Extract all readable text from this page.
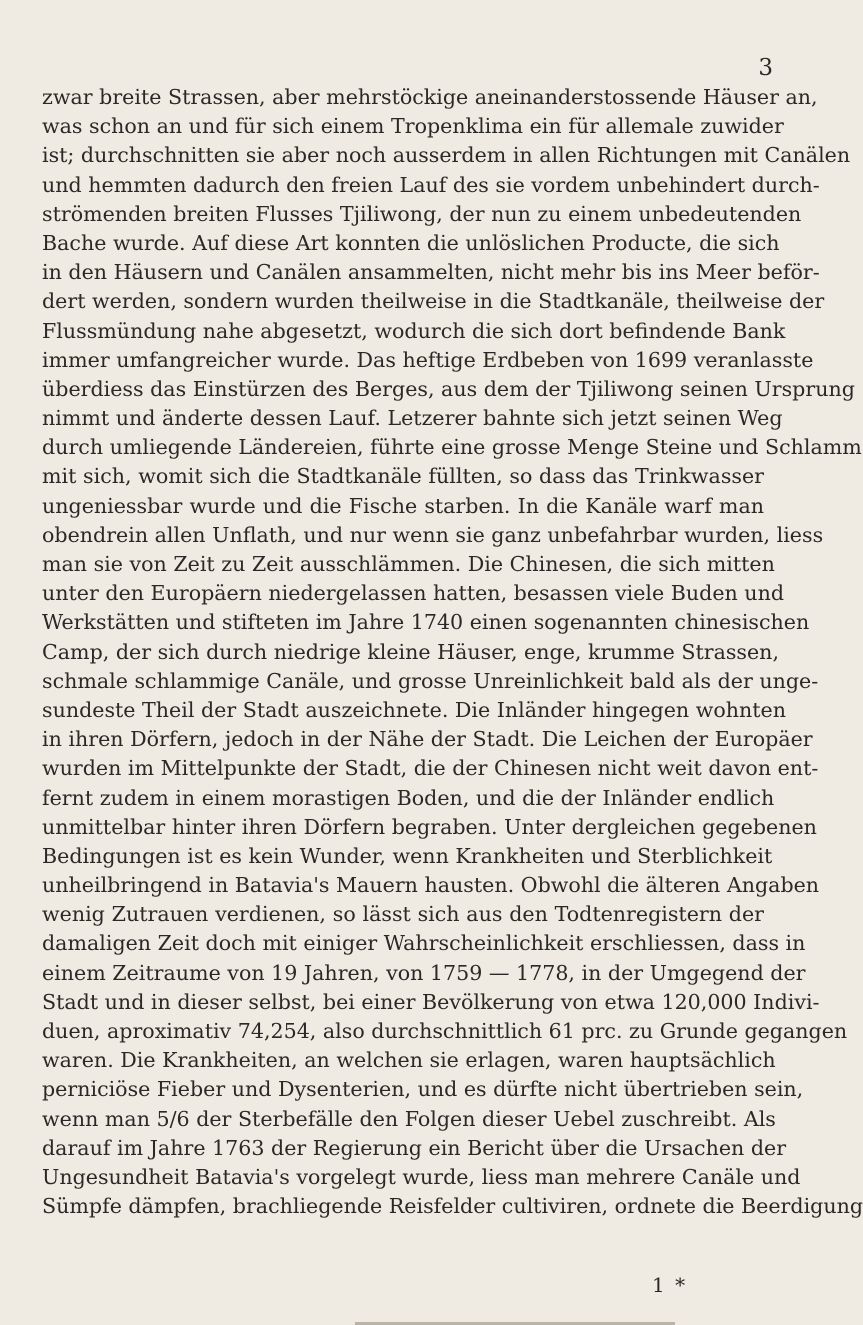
3
zwar breite Strassen, aber mehrstöckige aneinanderstossende Häuser an,
was schon an und für sich einem Tropenklima ein für allemale zuwider
ist; durchschnitten sie aber noch ausserdem in allen Richtungen mit Canälen
und hemmten dadurch den freien Lauf des sie vordem unbehindert durch-
strömenden breiten Flusses Tjiliwong, der nun zu einem unbedeutenden
Bache wurde. Auf diese Art konnten die unlöslichen Producte, die sich
in den Häusern und Canälen ansammelten, nicht mehr bis ins Meer beför-
dert werden, sondern wurden theilweise in die Stadtkanäle, theilweise der
Flussmündung nahe abgesetzt, wodurch die sich dort befindende Bank
immer umfangreicher wurde. Das heftige Erdbeben von 1699 veranlasste
überdiess das Einstürzen des Berges, aus dem der Tjiliwong seinen Ursprung
nimmt und änderte dessen Lauf. Letzerer bahnte sich jetzt seinen Weg
durch umliegende Ländereien, führte eine grosse Menge Steine und Schlamm
mit sich, womit sich die Stadtkanäle füllten, so dass das Trinkwasser
ungeniessbar wurde und die Fische starben. In die Kanäle warf man
obendrein allen Unflath, und nur wenn sie ganz unbefahrbar wurden, liess
man sie von Zeit zu Zeit ausschlämmen. Die Chinesen, die sich mitten
unter den Europäern niedergelassen hatten, besassen viele Buden und
Werkstätten und stifteten im Jahre 1740 einen sogenannten chinesischen
Camp, der sich durch niedrige kleine Häuser, enge, krumme Strassen,
schmale schlammige Canäle, und grosse Unreinlichkeit bald als der unge-
sundeste Theil der Stadt auszeichnete. Die Inländer hingegen wohnten
in ihren Dörfern, jedoch in der Nähe der Stadt. Die Leichen der Europäer
wurden im Mittelpunkte der Stadt, die der Chinesen nicht weit davon ent-
fernt zudem in einem morastigen Boden, und die der Inländer endlich
unmittelbar hinter ihren Dörfern begraben. Unter dergleichen gegebenen
Bedingungen ist es kein Wunder, wenn Krankheiten und Sterblichkeit
unheilbringend in Batavia's Mauern hausten. Obwohl die älteren Angaben
wenig Zutrauen verdienen, so lässt sich aus den Todtenregistern der
damaligen Zeit doch mit einiger Wahrscheinlichkeit erschliessen, dass in
einem Zeitraume von 19 Jahren, von 1759 — 1778, in der Umgegend der
Stadt und in dieser selbst, bei einer Bevölkerung von etwa 120,000 Indivi-
duen, aproximativ 74,254, also durchschnittlich 61 prc. zu Grunde gegangen
waren. Die Krankheiten, an welchen sie erlagen, waren hauptsächlich
perniciöse Fieber und Dysenterien, und es dürfte nicht übertrieben sein,
wenn man 5/6 der Sterbefälle den Folgen dieser Uebel zuschreibt. Als
darauf im Jahre 1763 der Regierung ein Bericht über die Ursachen der
Ungesundheit Batavia's vorgelegt wurde, liess man mehrere Canäle und
Sümpfe dämpfen, brachliegende Reisfelder cultiviren, ordnete die Beerdigung
1 *
